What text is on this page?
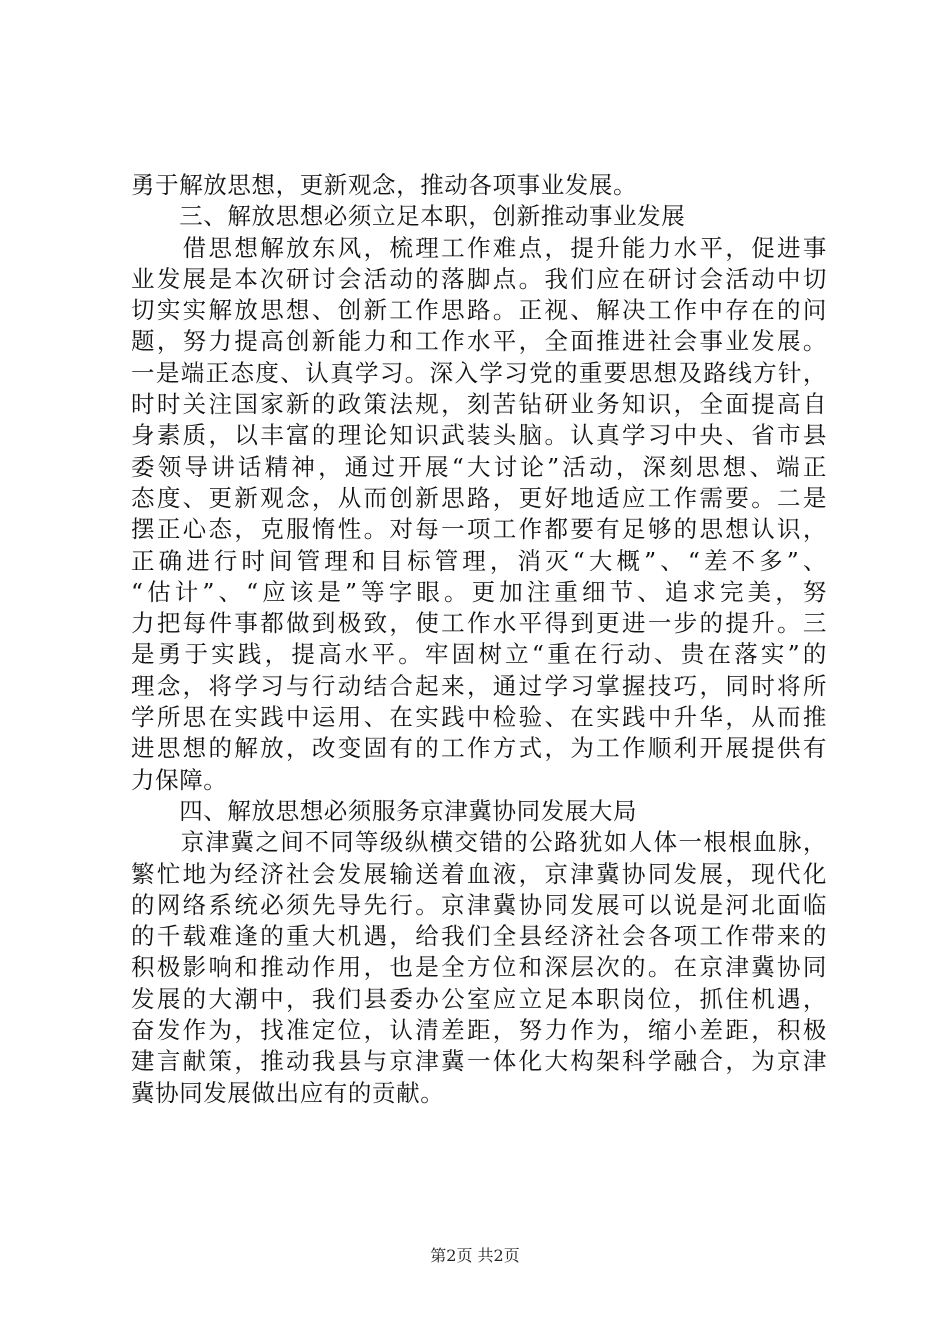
勇于解放思想，更新观念，推动各项事业发展。
　　三、解放思想必须立足本职，创新推动事业发展
　　借思想解放东风，梳理工作难点，提升能力水平，促进事
业发展是本次研讨会活动的落脚点。我们应在研讨会活动中切
切实实解放思想、创新工作思路。正视、解决工作中存在的问
题，努力提高创新能力和工作水平，全面推进社会事业发展。
一是端正态度、认真学习。深入学习党的重要思想及路线方针，
时时关注国家新的政策法规，刻苦钻研业务知识，全面提高自
身素质，以丰富的理论知识武装头脑。认真学习中央、省市县
委领导讲话精神，通过开展“大讨论”活动，深刻思想、端正
态度、更新观念，从而创新思路，更好地适应工作需要。二是
摆正心态，克服惰性。对每一项工作都要有足够的思想认识，
正确进行时间管理和目标管理，消灭“大概”、“差不多”、
“估计”、“应该是”等字眼。更加注重细节、追求完美，努
力把每件事都做到极致，使工作水平得到更进一步的提升。三
是勇于实践，提高水平。牢固树立“重在行动、贵在落实”的
理念，将学习与行动结合起来，通过学习掌握技巧，同时将所
学所思在实践中运用、在实践中检验、在实践中升华，从而推
进思想的解放，改变固有的工作方式，为工作顺利开展提供有
力保障。
　　四、解放思想必须服务京津冀协同发展大局
　　京津冀之间不同等级纵横交错的公路犹如人体一根根血脉，
繁忙地为经济社会发展输送着血液，京津冀协同发展，现代化
的网络系统必须先导先行。京津冀协同发展可以说是河北面临
的千载难逢的重大机遇，给我们全县经济社会各项工作带来的
积极影响和推动作用，也是全方位和深层次的。在京津冀协同
发展的大潮中，我们县委办公室应立足本职岗位，抓住机遇，
奋发作为，找准定位，认清差距，努力作为，缩小差距，积极
建言献策，推动我县与京津冀一体化大构架科学融合，为京津
冀协同发展做出应有的贡献。
第2页 共2页
